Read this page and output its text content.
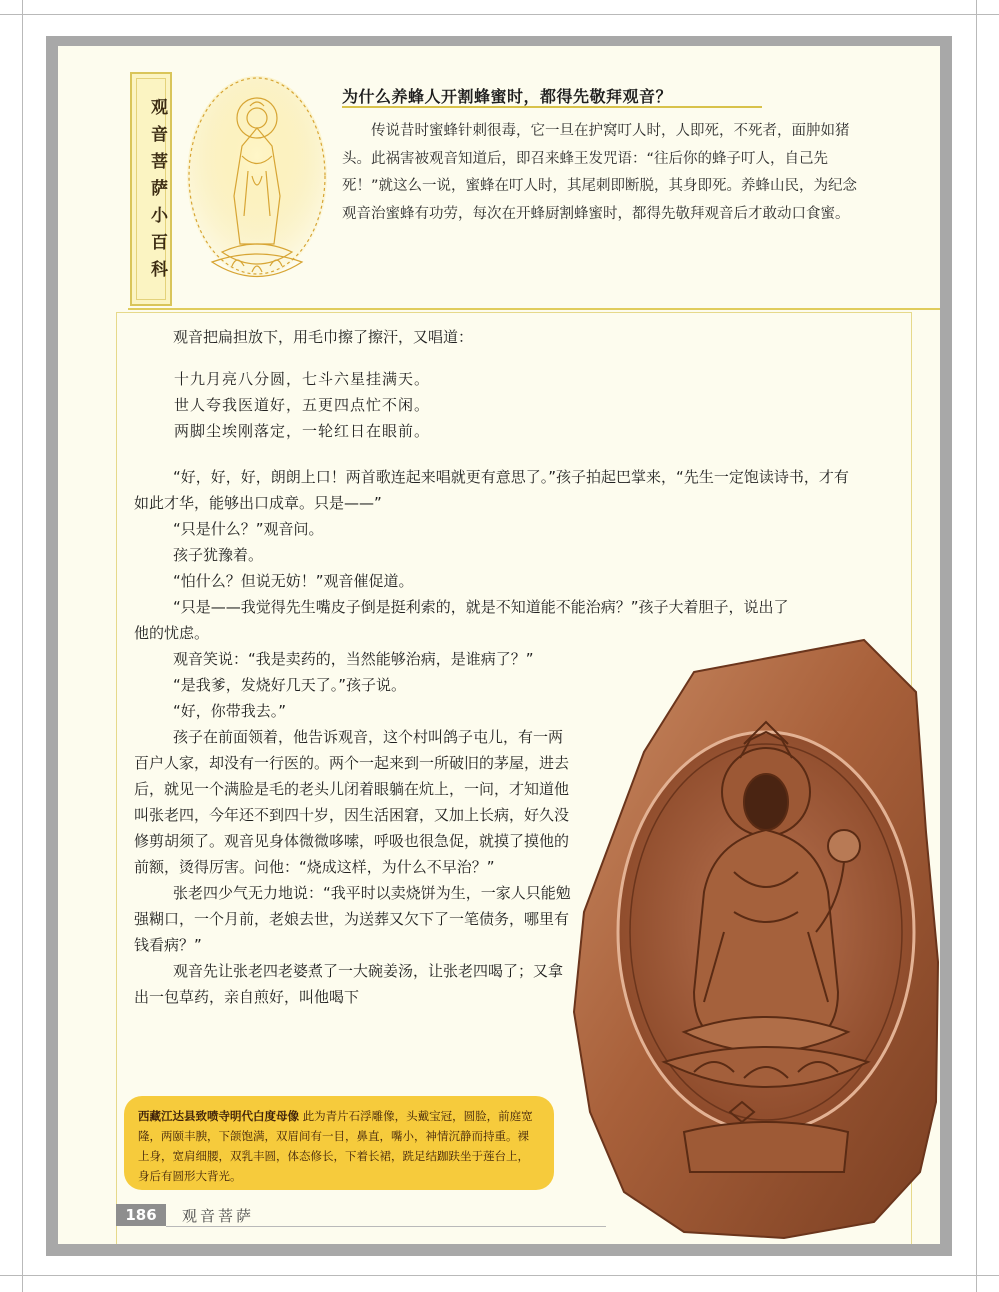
观音菩萨小百科
为什么养蜂人开割蜂蜜时，都得先敬拜观音？

传说昔时蜜蜂针刺很毒，它一旦在护窝叮人时，人即死，不死者，面肿如猪头。此祸害被观音知道后，即召来蜂王发咒语：“往后你的蜂子叮人，自己先死！”就这么一说，蜜蜂在叮人时，其尾刺即断脱，其身即死。养蜂山民，为纪念观音治蜜蜂有功劳，每次在开蜂厨割蜂蜜时，都得先敬拜观音后才敢动口食蜜。

观音把扁担放下，用毛巾擦了擦汗，又唱道：

十九月亮八分圆，七斗六星挂满天。
世人夸我医道好，五更四点忙不闲。
两脚尘埃刚落定，一轮红日在眼前。

“好，好，好，朗朗上口！两首歌连起来唱就更有意思了。”孩子拍起巴掌来，“先生一定饱读诗书，才有如此才华，能够出口成章。只是——”

“只是什么？”观音问。

孩子犹豫着。

“怕什么？但说无妨！”观音催促道。

“只是——我觉得先生嘴皮子倒是挺利索的，就是不知道能不能治病？”孩子大着胆子，说出了他的忧虑。

观音笑说：“我是卖药的，当然能够治病，是谁病了？”

“是我爹，发烧好几天了。”孩子说。

“好，你带我去。”

孩子在前面领着，他告诉观音，这个村叫鸽子屯儿，有一两百户人家，却没有一行医的。两个一起来到一所破旧的茅屋，进去后，就见一个满脸是毛的老头儿闭着眼躺在炕上，一问，才知道他叫张老四，今年还不到四十岁，因生活困窘，又加上长病，好久没修剪胡须了。观音见身体微微哆嗦，呼吸也很急促，就摸了摸他的前额，烫得厉害。问他：“烧成这样，为什么不早治？”

张老四少气无力地说：“我平时以卖烧饼为生，一家人只能勉强糊口，一个月前，老娘去世，为送葬又欠下了一笔债务，哪里有钱看病？”

观音先让张老四老婆煮了一大碗姜汤，让张老四喝了；又拿出一包草药，亲自煎好，叫他喝下

西藏江达县致喷寺明代白度母像 此为青片石浮雕像，头戴宝冠，圆脸，前庭宽隆，两颐丰腴，下颌饱满，双眉间有一目，鼻直，嘴小，神情沉静而持重。裸上身，宽肩细腰，双乳丰圆，体态修长，下着长裙，跣足结跏趺坐于莲台上，身后有圆形大背光。
186	观音菩萨
